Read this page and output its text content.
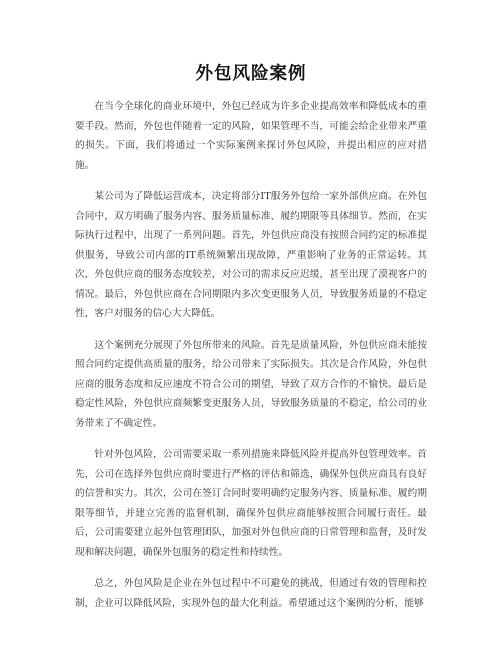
外包风险案例

在当今全球化的商业环境中，外包已经成为许多企业提高效率和降低成本的重要手段。然而，外包也伴随着一定的风险，如果管理不当，可能会给企业带来严重的损失。下面，我们将通过一个实际案例来探讨外包风险，并提出相应的应对措施。

某公司为了降低运营成本，决定将部分IT服务外包给一家外部供应商。在外包合同中，双方明确了服务内容、服务质量标准、履约期限等具体细节。然而，在实际执行过程中，出现了一系列问题。首先，外包供应商没有按照合同约定的标准提供服务，导致公司内部的IT系统频繁出现故障，严重影响了业务的正常运转。其次，外包供应商的服务态度较差，对公司的需求反应迟缓，甚至出现了漠视客户的情况。最后，外包供应商在合同期限内多次变更服务人员，导致服务质量的不稳定性，客户对服务的信心大大降低。

这个案例充分展现了外包所带来的风险。首先是质量风险，外包供应商未能按照合同约定提供高质量的服务，给公司带来了实际损失。其次是合作风险，外包供应商的服务态度和反应速度不符合公司的期望，导致了双方合作的不愉快。最后是稳定性风险，外包供应商频繁变更服务人员，导致服务质量的不稳定，给公司的业务带来了不确定性。

针对外包风险，公司需要采取一系列措施来降低风险并提高外包管理效率。首先，公司在选择外包供应商时要进行严格的评估和筛选，确保外包供应商具有良好的信誉和实力。其次，公司在签订合同时要明确约定服务内容、质量标准、履约期限等细节，并建立完善的监督机制，确保外包供应商能够按照合同履行责任。最后，公司需要建立起外包管理团队，加强对外包供应商的日常管理和监督，及时发现和解决问题，确保外包服务的稳定性和持续性。

总之，外包风险是企业在外包过程中不可避免的挑战，但通过有效的管理和控制，企业可以降低风险，实现外包的最大化利益。希望通过这个案例的分析，能够
